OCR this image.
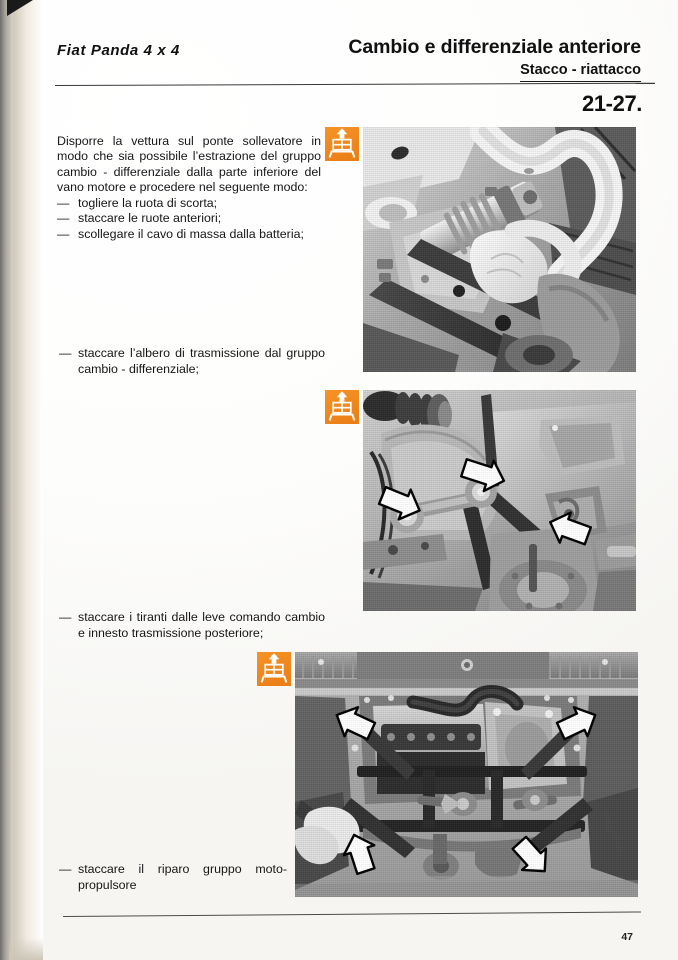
Fiat Panda 4 x 4	Cambio e differenziale anteriore
Stacco - riattacco
21-27.
Disporre la vettura sul ponte sollevatore in modo che sia possibile l’estrazione del gruppo cambio - differenziale dalla parte inferiore del vano motore e procedere nel seguente modo:
— togliere la ruota di scorta;
— staccare le ruote anteriori;
— scollegare il cavo di massa dalla batteria;
— staccare l’albero di trasmissione dal gruppo cambio - differenziale;
— staccare i tiranti dalle leve comando cambio e innesto trasmissione posteriore;
— staccare il riparo gruppo moto-propulsore
47
